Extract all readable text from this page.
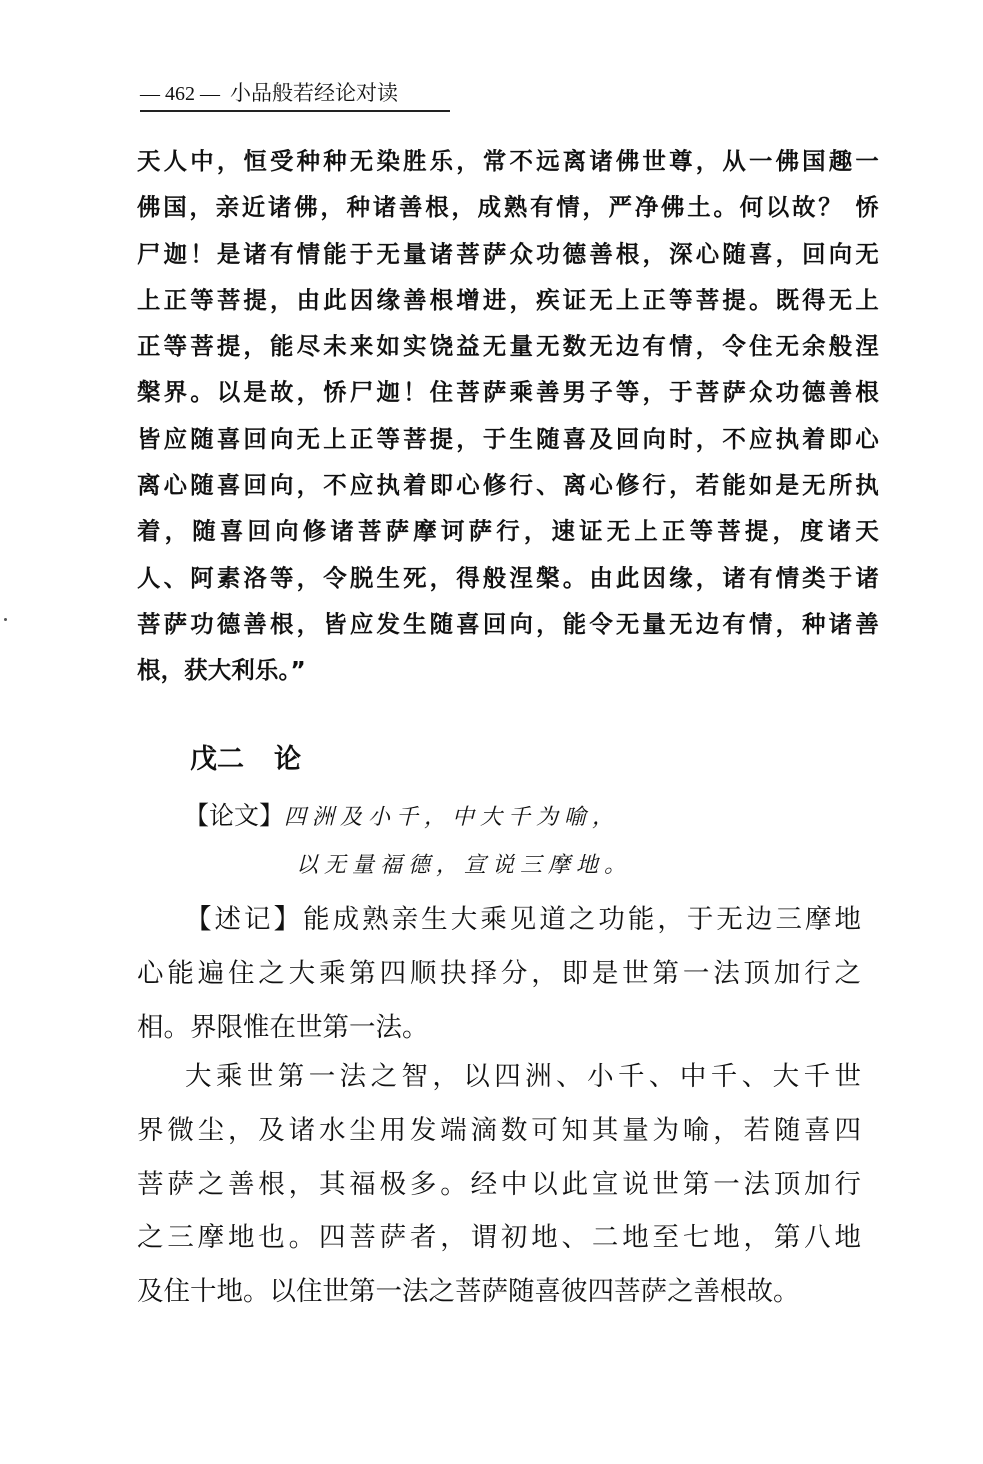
— 462 — 小品般若经论对读
天人中，恒受种种无染胜乐，常不远离诸佛世尊，从一佛国趣一
佛国，亲近诸佛，种诸善根，成熟有情，严净佛土。何以故？ 㤭
尸迦！是诸有情能于无量诸菩萨众功德善根，深心随喜，回向无
上正等菩提，由此因缘善根增进，疾证无上正等菩提。既得无上
正等菩提，能尽未来如实饶益无量无数无边有情，令住无余般涅
槃界。以是故，㤭尸迦！住菩萨乘善男子等，于菩萨众功德善根
皆应随喜回向无上正等菩提，于生随喜及回向时，不应执着即心
离心随喜回向，不应执着即心修行、离心修行，若能如是无所执
着，随喜回向修诸菩萨摩诃萨行，速证无上正等菩提，度诸天
人、阿素洛等，令脱生死，得般涅槃。由此因缘，诸有情类于诸
菩萨功德善根，皆应发生随喜回向，能令无量无边有情，种诸善
根，获大利乐。”
戊二 论
【论文】四洲及小千，中大千为喻，
以无量福德，宣说三摩地。
【述记】能成熟亲生大乘见道之功能，于无边三摩地
心能遍住之大乘第四顺抉择分，即是世第一法顶加行之
相。界限惟在世第一法。
大乘世第一法之智，以四洲、小千、中千、大千世
界微尘，及诸水尘用发端滴数可知其量为喻，若随喜四
菩萨之善根，其福极多。经中以此宣说世第一法顶加行
之三摩地也。四菩萨者，谓初地、二地至七地，第八地
及住十地。以住世第一法之菩萨随喜彼四菩萨之善根故。
